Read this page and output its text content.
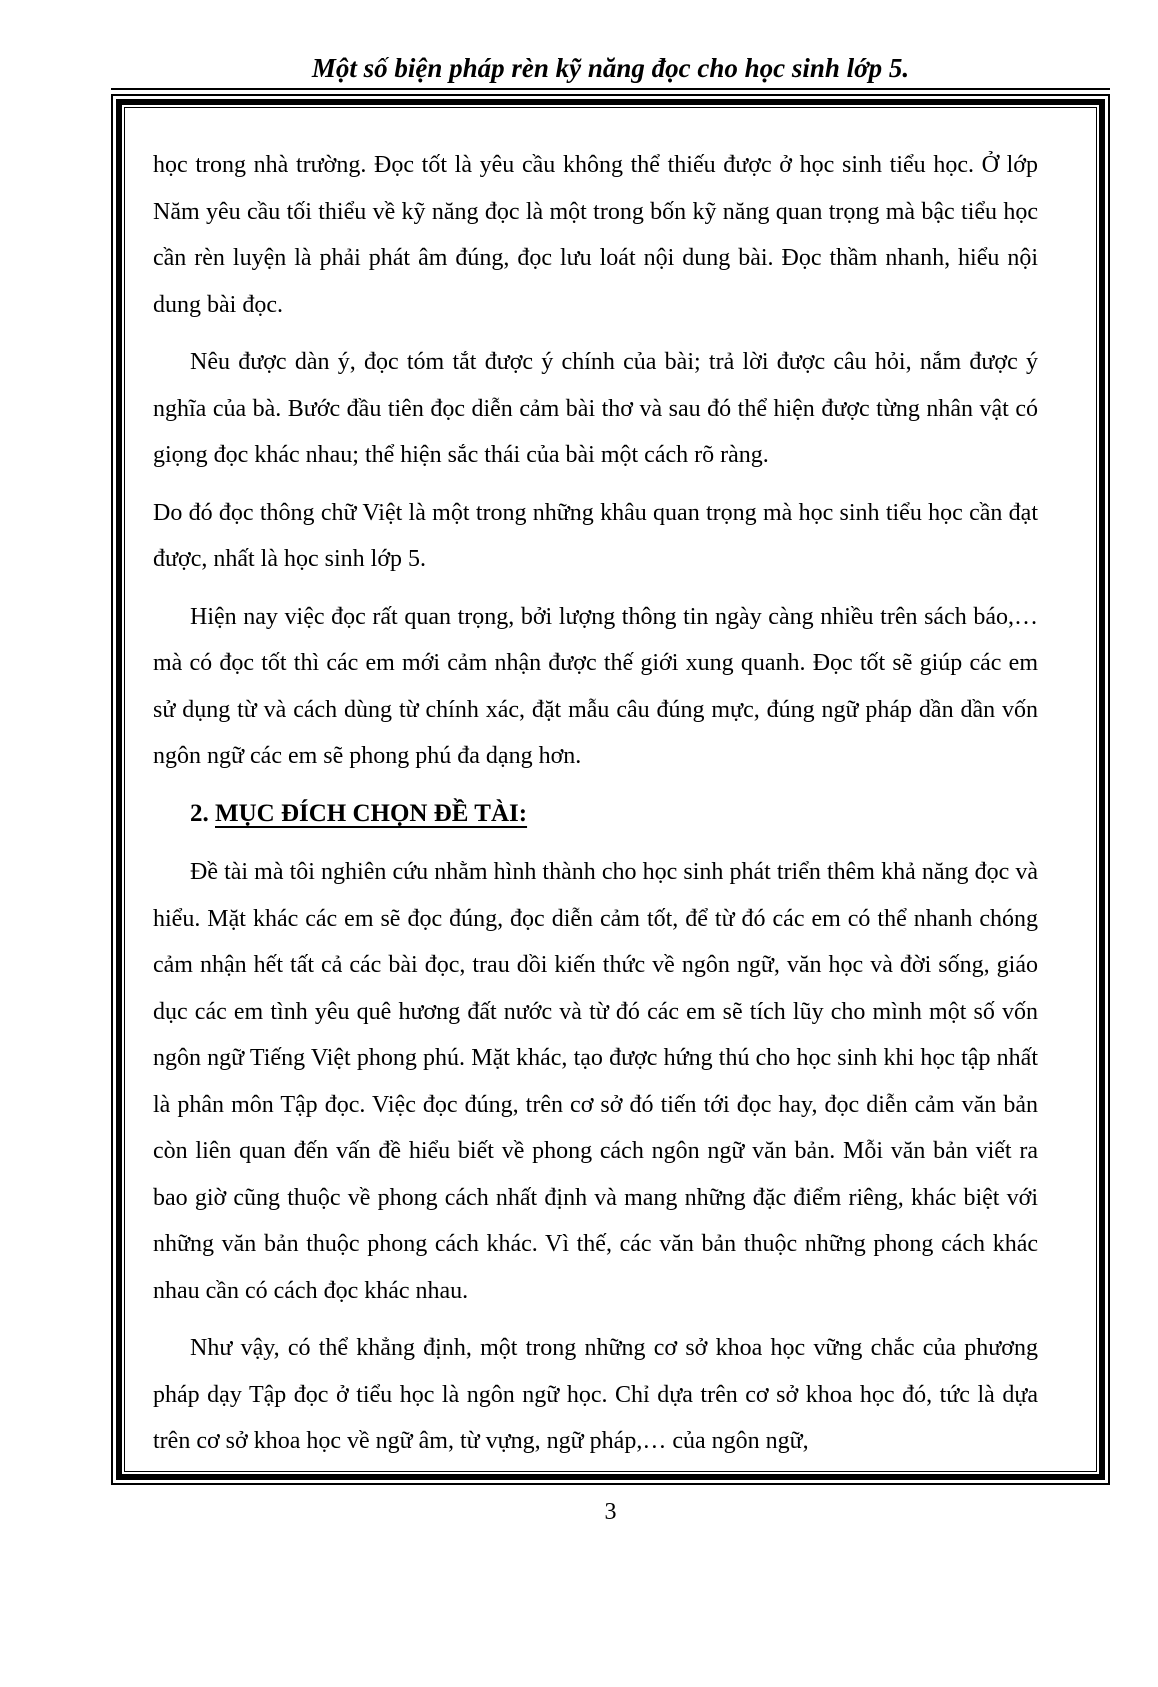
Một số biện pháp rèn kỹ năng đọc cho học sinh lớp 5.

học trong nhà trường. Đọc tốt là yêu cầu không thể thiếu được ở học sinh tiểu học. Ở lớp Năm yêu cầu tối thiểu về kỹ năng đọc là một trong bốn kỹ năng quan trọng mà bậc tiểu học cần rèn luyện là phải phát âm đúng, đọc lưu loát nội dung bài. Đọc thầm nhanh, hiểu nội dung bài đọc.

Nêu được dàn ý, đọc tóm tắt được ý chính của bài; trả lời được câu hỏi, nắm được ý nghĩa của bà. Bước đầu tiên đọc diễn cảm bài thơ và sau đó thể hiện được từng nhân vật có giọng đọc khác nhau; thể hiện sắc thái của bài một cách rõ ràng.

Do đó đọc thông chữ Việt là một trong những khâu quan trọng mà học sinh tiểu học cần đạt được, nhất là học sinh lớp 5.

Hiện nay việc đọc rất quan trọng, bởi lượng thông tin ngày càng nhiều trên sách báo,… mà có đọc tốt thì các em mới cảm nhận được thế giới xung quanh. Đọc tốt sẽ giúp các em sử dụng từ và cách dùng từ chính xác, đặt mẫu câu đúng mực, đúng ngữ pháp dần dần vốn ngôn ngữ các em sẽ phong phú đa dạng hơn.

2. MỤC ĐÍCH CHỌN ĐỀ TÀI:

Đề tài mà tôi nghiên cứu nhằm hình thành cho học sinh phát triển thêm khả năng đọc và hiểu. Mặt khác các em sẽ đọc đúng, đọc diễn cảm tốt, để từ đó các em có thể nhanh chóng cảm nhận hết tất cả các bài đọc, trau dồi kiến thức về ngôn ngữ, văn học và đời sống, giáo dục các em tình yêu quê hương đất nước và từ đó các em sẽ tích lũy cho mình một số vốn ngôn ngữ Tiếng Việt phong phú. Mặt khác, tạo được hứng thú cho học sinh khi học tập nhất là phân môn Tập đọc. Việc đọc đúng, trên cơ sở đó tiến tới đọc hay, đọc diễn cảm văn bản còn liên quan đến vấn đề hiểu biết về phong cách ngôn ngữ văn bản. Mỗi văn bản viết ra bao giờ cũng thuộc về phong cách nhất định và mang những đặc điểm riêng, khác biệt với những văn bản thuộc phong cách khác. Vì thế, các văn bản thuộc những phong cách khác nhau cần có cách đọc khác nhau.

Như vậy, có thể khẳng định, một trong những cơ sở khoa học vững chắc của phương pháp dạy Tập đọc ở tiểu học là ngôn ngữ học. Chỉ dựa trên cơ sở khoa học đó, tức là dựa trên cơ sở khoa học về ngữ âm, từ vựng, ngữ pháp,… của ngôn ngữ,

3
